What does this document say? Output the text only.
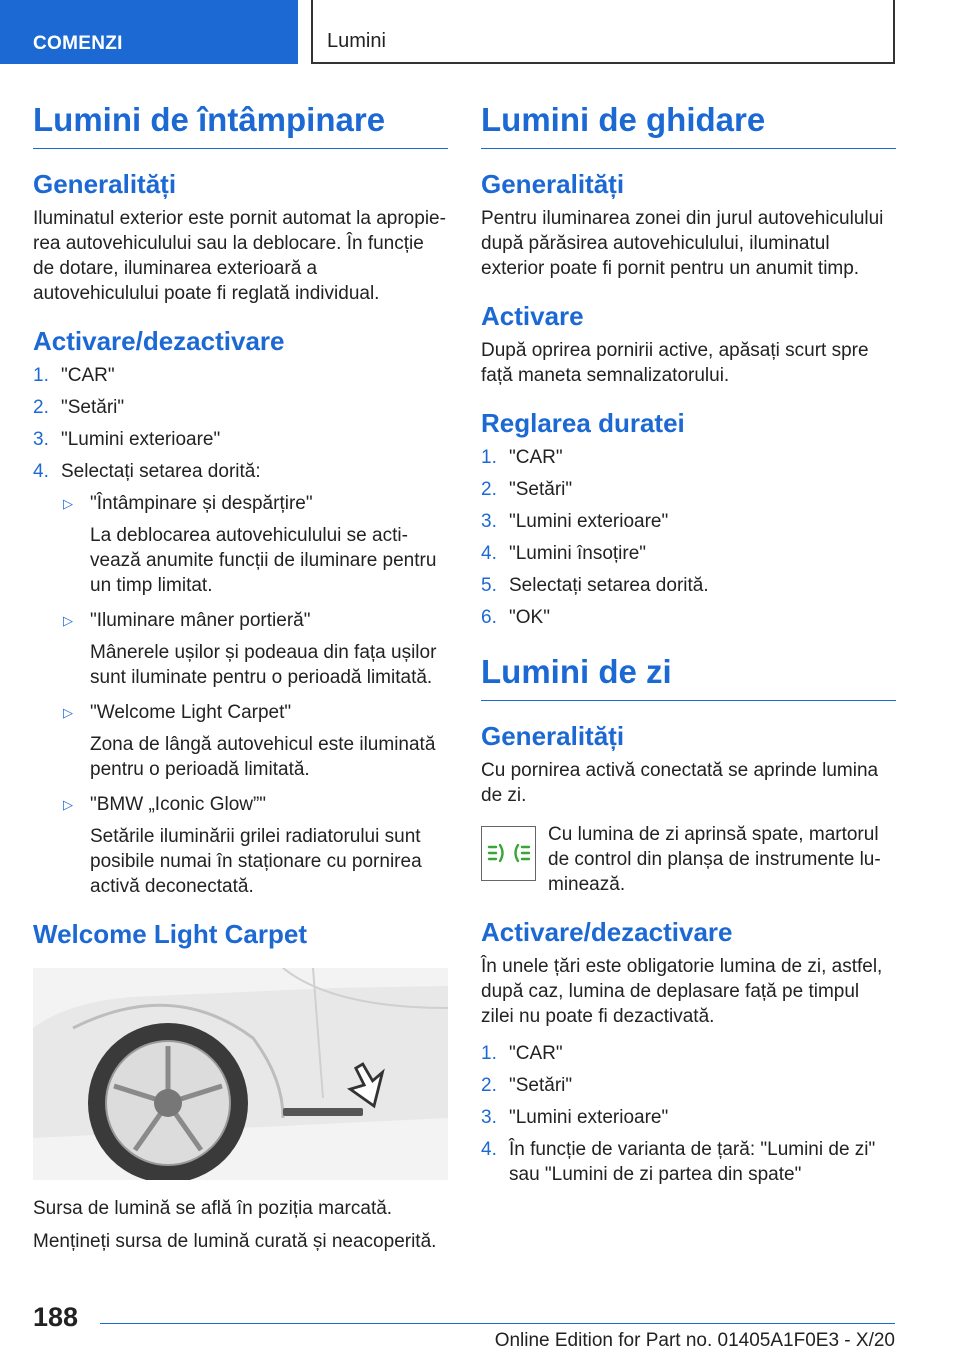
COMENZI	Lumini
Lumini de întâmpinare
Generalități

Iluminatul exterior este pornit automat la apropie-rea autovehiculului sau la deblocare. În funcție de dotare, iluminarea exterioară a autovehiculului poate fi reglată individual.

Activare/dezactivare
1. "CAR"
2. "Setări"
3. "Lumini exterioare"
4. Selectați setarea dorită:
▷ "Întâmpinare și despărțire"
La deblocarea autovehiculului se acti-vează anumite funcții de iluminare pentru un timp limitat.
▷ "Iluminare mâner portieră"
Mânerele ușilor și podeaua din fața ușilor sunt iluminate pentru o perioadă limitată.
▷ "Welcome Light Carpet"
Zona de lângă autovehicul este iluminată pentru o perioadă limitată.
▷ "BMW „Iconic Glow”"
Setările iluminării grilei radiatorului sunt posibile numai în staționare cu pornirea activă deconectată.
Welcome Light Carpet

Sursa de lumină se află în poziția marcată.

Mențineți sursa de lumină curată și neacoperită.

Lumini de ghidare
Generalități

Pentru iluminarea zonei din jurul autovehiculului după părăsirea autovehiculului, iluminatul exterior poate fi pornit pentru un anumit timp.

Activare

După oprirea pornirii active, apăsați scurt spre față maneta semnalizatorului.

Reglarea duratei
1. "CAR"
2. "Setări"
3. "Lumini exterioare"
4. "Lumini însoțire"
5. Selectați setarea dorită.
6. "OK"
Lumini de zi
Generalități

Cu pornirea activă conectată se aprinde lumina de zi.

Cu lumina de zi aprinsă spate, martorul de control din planșa de instrumente lu-minează.
Activare/dezactivare

În unele țări este obligatorie lumina de zi, astfel, după caz, lumina de deplasare față pe timpul zilei nu poate fi dezactivată.

1. "CAR"
2. "Setări"
3. "Lumini exterioare"
4. În funcție de varianta de țară: "Lumini de zi" sau "Lumini de zi partea din spate"
188
Online Edition for Part no. 01405A1F0E3 - X/20
